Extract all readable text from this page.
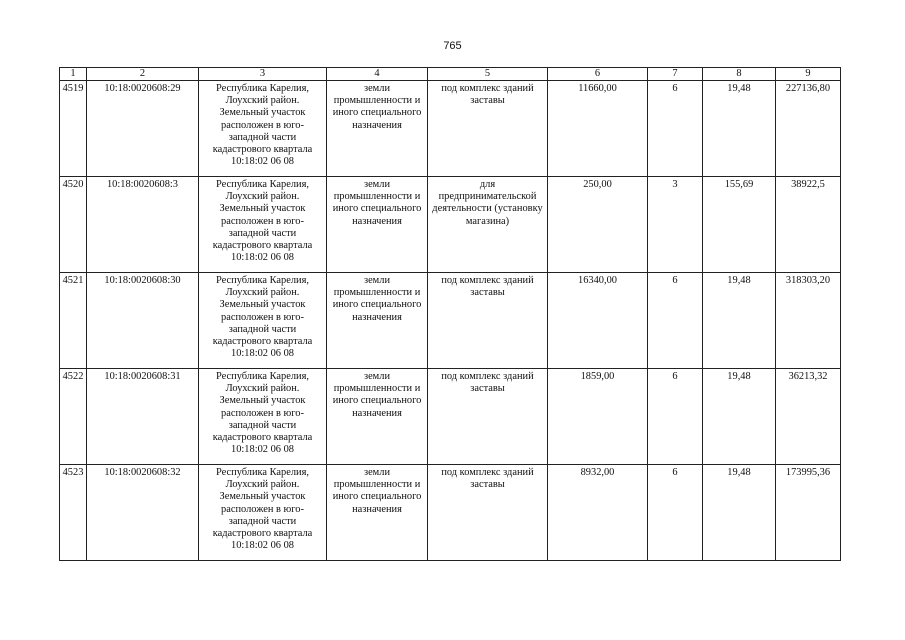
765
1	2	3	4	5	6	7	8	9
4519	10:18:0020608:29	Республика Карелия, Лоухский район. Земельный участок расположен в юго-западной части кадастрового квартала 10:18:02 06 08	земли промышленности и иного специального назначения	под комплекс зданий заставы	11660,00	6	19,48	227136,80
4520	10:18:0020608:3	Республика Карелия, Лоухский район. Земельный участок расположен в юго-западной части кадастрового квартала 10:18:02 06 08	земли промышленности и иного специального назначения	для предпринимательской деятельности (установку магазина)	250,00	3	155,69	38922,5
4521	10:18:0020608:30	Республика Карелия, Лоухский район. Земельный участок расположен в юго-западной части кадастрового квартала 10:18:02 06 08	земли промышленности и иного специального назначения	под комплекс зданий заставы	16340,00	6	19,48	318303,20
4522	10:18:0020608:31	Республика Карелия, Лоухский район. Земельный участок расположен в юго-западной части кадастрового квартала 10:18:02 06 08	земли промышленности и иного специального назначения	под комплекс зданий заставы	1859,00	6	19,48	36213,32
4523	10:18:0020608:32	Республика Карелия, Лоухский район. Земельный участок расположен в юго-западной части кадастрового квартала 10:18:02 06 08	земли промышленности и иного специального назначения	под комплекс зданий заставы	8932,00	6	19,48	173995,36
